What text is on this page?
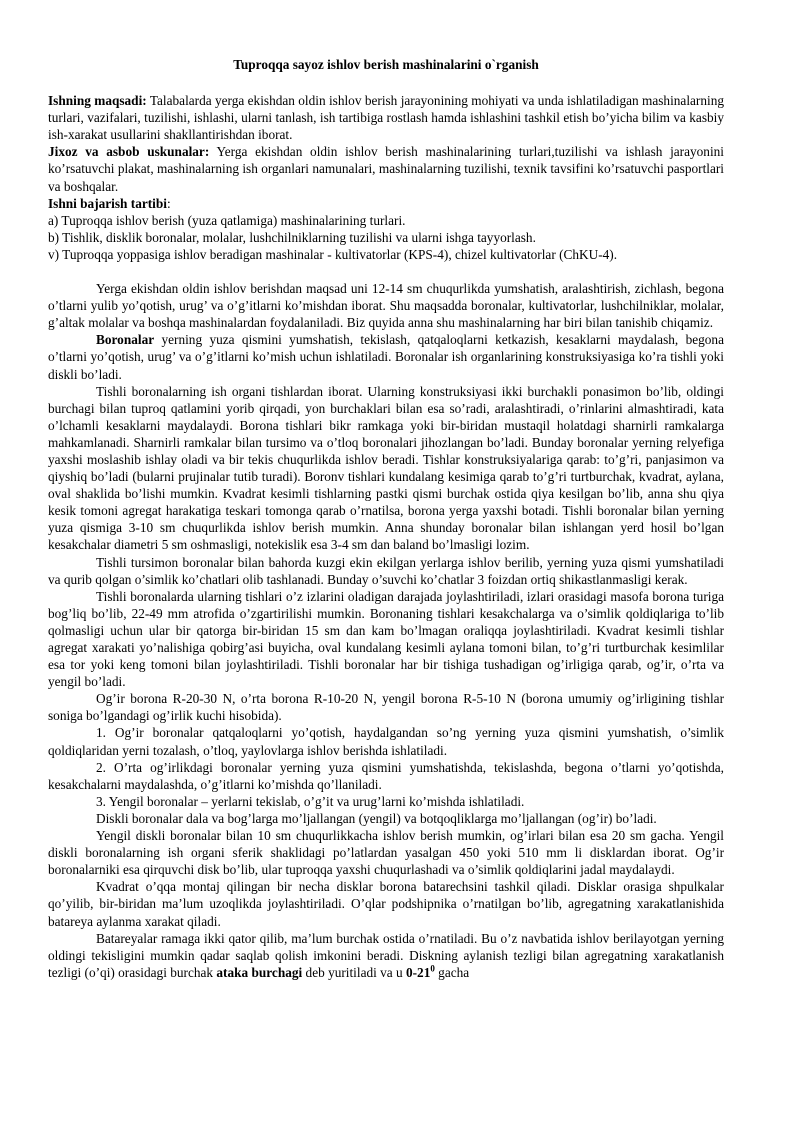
Tuproqqa sayoz ishlov berish mashinalarini o`rganish

Ishning maqsadi: Talabalarda yerga ekishdan oldin ishlov berish jarayonining mohiyati va unda ishlatiladigan mashinalarning turlari, vazifalari, tuzilishi, ishlashi, ularni tanlash, ish tartibiga rostlash hamda ishlashini tashkil etish bo’yicha bilim va kasbiy ish-xarakat usullarini shakllantirishdan iborat.

Jixoz va asbob uskunalar: Yerga ekishdan oldin ishlov berish mashinalarining turlari,tuzilishi va ishlash jarayonini ko’rsatuvchi plakat, mashinalarning ish organlari namunalari, mashinalarning tuzilishi, texnik tavsifini ko’rsatuvchi pasportlari va boshqalar.

Ishni bajarish tartibi:

a) Tuproqqa ishlov berish (yuza qatlamiga) mashinalarining turlari.

b) Tishlik, disklik boronalar, molalar, lushchilniklarning tuzilishi va ularni ishga tayyorlash.

v) Tuproqqa yoppasiga ishlov beradigan mashinalar - kultivatorlar (KPS-4), chizel kultivatorlar (ChKU-4).

Yerga ekishdan oldin ishlov berishdan maqsad uni 12-14 sm chuqurlikda yumshatish, aralashtirish, zichlash, begona o’tlarni yulib yo’qotish, urug’ va o’g’itlarni ko’mishdan iborat. Shu maqsadda boronalar, kultivatorlar, lushchilniklar, molalar, g’altak molalar va boshqa mashinalardan foydalaniladi. Biz quyida anna shu mashinalarning har biri bilan tanishib chiqamiz.

Boronalar yerning yuza qismini yumshatish, tekislash, qatqaloqlarni ketkazish, kesaklarni maydalash, begona o’tlarni yo’qotish, urug’ va o’g’itlarni ko’mish uchun ishlatiladi. Boronalar ish organlarining konstruksiyasiga ko’ra tishli yoki diskli bo’ladi.

Tishli boronalarning ish organi tishlardan iborat. Ularning konstruksiyasi ikki burchakli ponasimon bo’lib, oldingi burchagi bilan tuproq qatlamini yorib qirqadi, yon burchaklari bilan esa so’radi, aralashtiradi, o’rinlarini almashtiradi, kata o’lchamli kesaklarni maydalaydi. Borona tishlari bikr ramkaga yoki bir-biridan mustaqil holatdagi sharnirli ramkalarga mahkamlanadi. Sharnirli ramkalar bilan tursimo va o’tloq boronalari jihozlangan bo’ladi. Bunday boronalar yerning relyefiga yaxshi moslashib ishlay oladi va bir tekis chuqurlikda ishlov beradi. Tishlar konstruksiyalariga qarab: to’g’ri, panjasimon va qiyshiq bo’ladi (bularni prujinalar tutib turadi). Boronv tishlari kundalang kesimiga qarab to’g’ri turtburchak, kvadrat, aylana, oval shaklida bo’lishi mumkin. Kvadrat kesimli tishlarning pastki qismi burchak ostida qiya kesilgan bo’lib, anna shu qiya kesik tomoni agregat harakatiga teskari tomonga qarab o’rnatilsa, borona yerga yaxshi botadi. Tishli boronalar bilan yerning yuza qismiga 3-10 sm chuqurlikda ishlov berish mumkin. Anna shunday boronalar bilan ishlangan yerd hosil bo’lgan kesakchalar diametri 5 sm oshmasligi, notekislik esa 3-4 sm dan baland bo’lmasligi lozim.

Tishli tursimon boronalar bilan bahorda kuzgi ekin ekilgan yerlarga ishlov berilib, yerning yuza qismi yumshatiladi va qurib qolgan o’simlik ko’chatlari olib tashlanadi. Bunday o’suvchi ko’chatlar 3 foizdan ortiq shikastlanmasligi kerak.

Tishli boronalarda ularning tishlari o’z izlarini oladigan darajada joylashtiriladi, izlari orasidagi masofa borona turiga bog’liq bo’lib, 22-49 mm atrofida o’zgartirilishi mumkin. Boronaning tishlari kesakchalarga va o’simlik qoldiqlariga to’lib qolmasligi uchun ular bir qatorga bir-biridan 15 sm dan kam bo’lmagan oraliqqa joylashtiriladi. Kvadrat kesimli tishlar agregat xarakati yo’nalishiga qobirg’asi buyicha, oval kundalang kesimli aylana tomoni bilan, to’g’ri turtburchak kesimlilar esa tor yoki keng tomoni bilan joylashtiriladi. Tishli boronalar har bir tishiga tushadigan og’irligiga qarab, og’ir, o’rta va yengil bo’ladi.

Og’ir borona R-20-30 N, o’rta borona R-10-20 N, yengil borona R-5-10 N (borona umumiy og’irligining tishlar soniga bo’lgandagi og’irlik kuchi hisobida).

1. Og’ir boronalar qatqaloqlarni yo’qotish, haydalgandan so’ng yerning yuza qismini yumshatish, o’simlik qoldiqlaridan yerni tozalash, o’tloq, yaylovlarga ishlov berishda ishlatiladi.

2. O’rta og’irlikdagi boronalar yerning yuza qismini yumshatishda, tekislashda, begona o’tlarni yo’qotishda, kesakchalarni maydalashda, o’g’itlarni ko’mishda qo’llaniladi.

3. Yengil boronalar – yerlarni tekislab, o’g’it va urug’larni ko’mishda ishlatiladi.

Diskli boronalar dala va bog’larga mo’ljallangan (yengil) va botqoqliklarga mo’ljallangan (og’ir) bo’ladi.

Yengil diskli boronalar bilan 10 sm chuqurlikkacha ishlov berish mumkin, og’irlari bilan esa 20 sm gacha. Yengil diskli boronalarning ish organi sferik shaklidagi po’latlardan yasalgan 450 yoki 510 mm li disklardan iborat. Og’ir boronalarniki esa qirquvchi disk bo’lib, ular tuproqqa yaxshi chuqurlashadi va o’simlik qoldiqlarini jadal maydalaydi.

Kvadrat o’qqa montaj qilingan bir necha disklar borona batarechsini tashkil qiladi. Disklar orasiga shpulkalar qo’yilib, bir-biridan ma’lum uzoqlikda joylashtiriladi. O’qlar podshipnika o’rnatilgan bo’lib, agregatning xarakatlanishida batareya aylanma xarakat qiladi.

Batareyalar ramaga ikki qator qilib, ma’lum burchak ostida o’rnatiladi. Bu o’z navbatida ishlov berilayotgan yerning oldingi tekisligini mumkin qadar saqlab qolish imkonini beradi. Diskning aylanish tezligi bilan agregatning xarakatlanish tezligi (o’qi) orasidagi burchak ataka burchagi deb yuritiladi va u $0-21^0$ gacha
